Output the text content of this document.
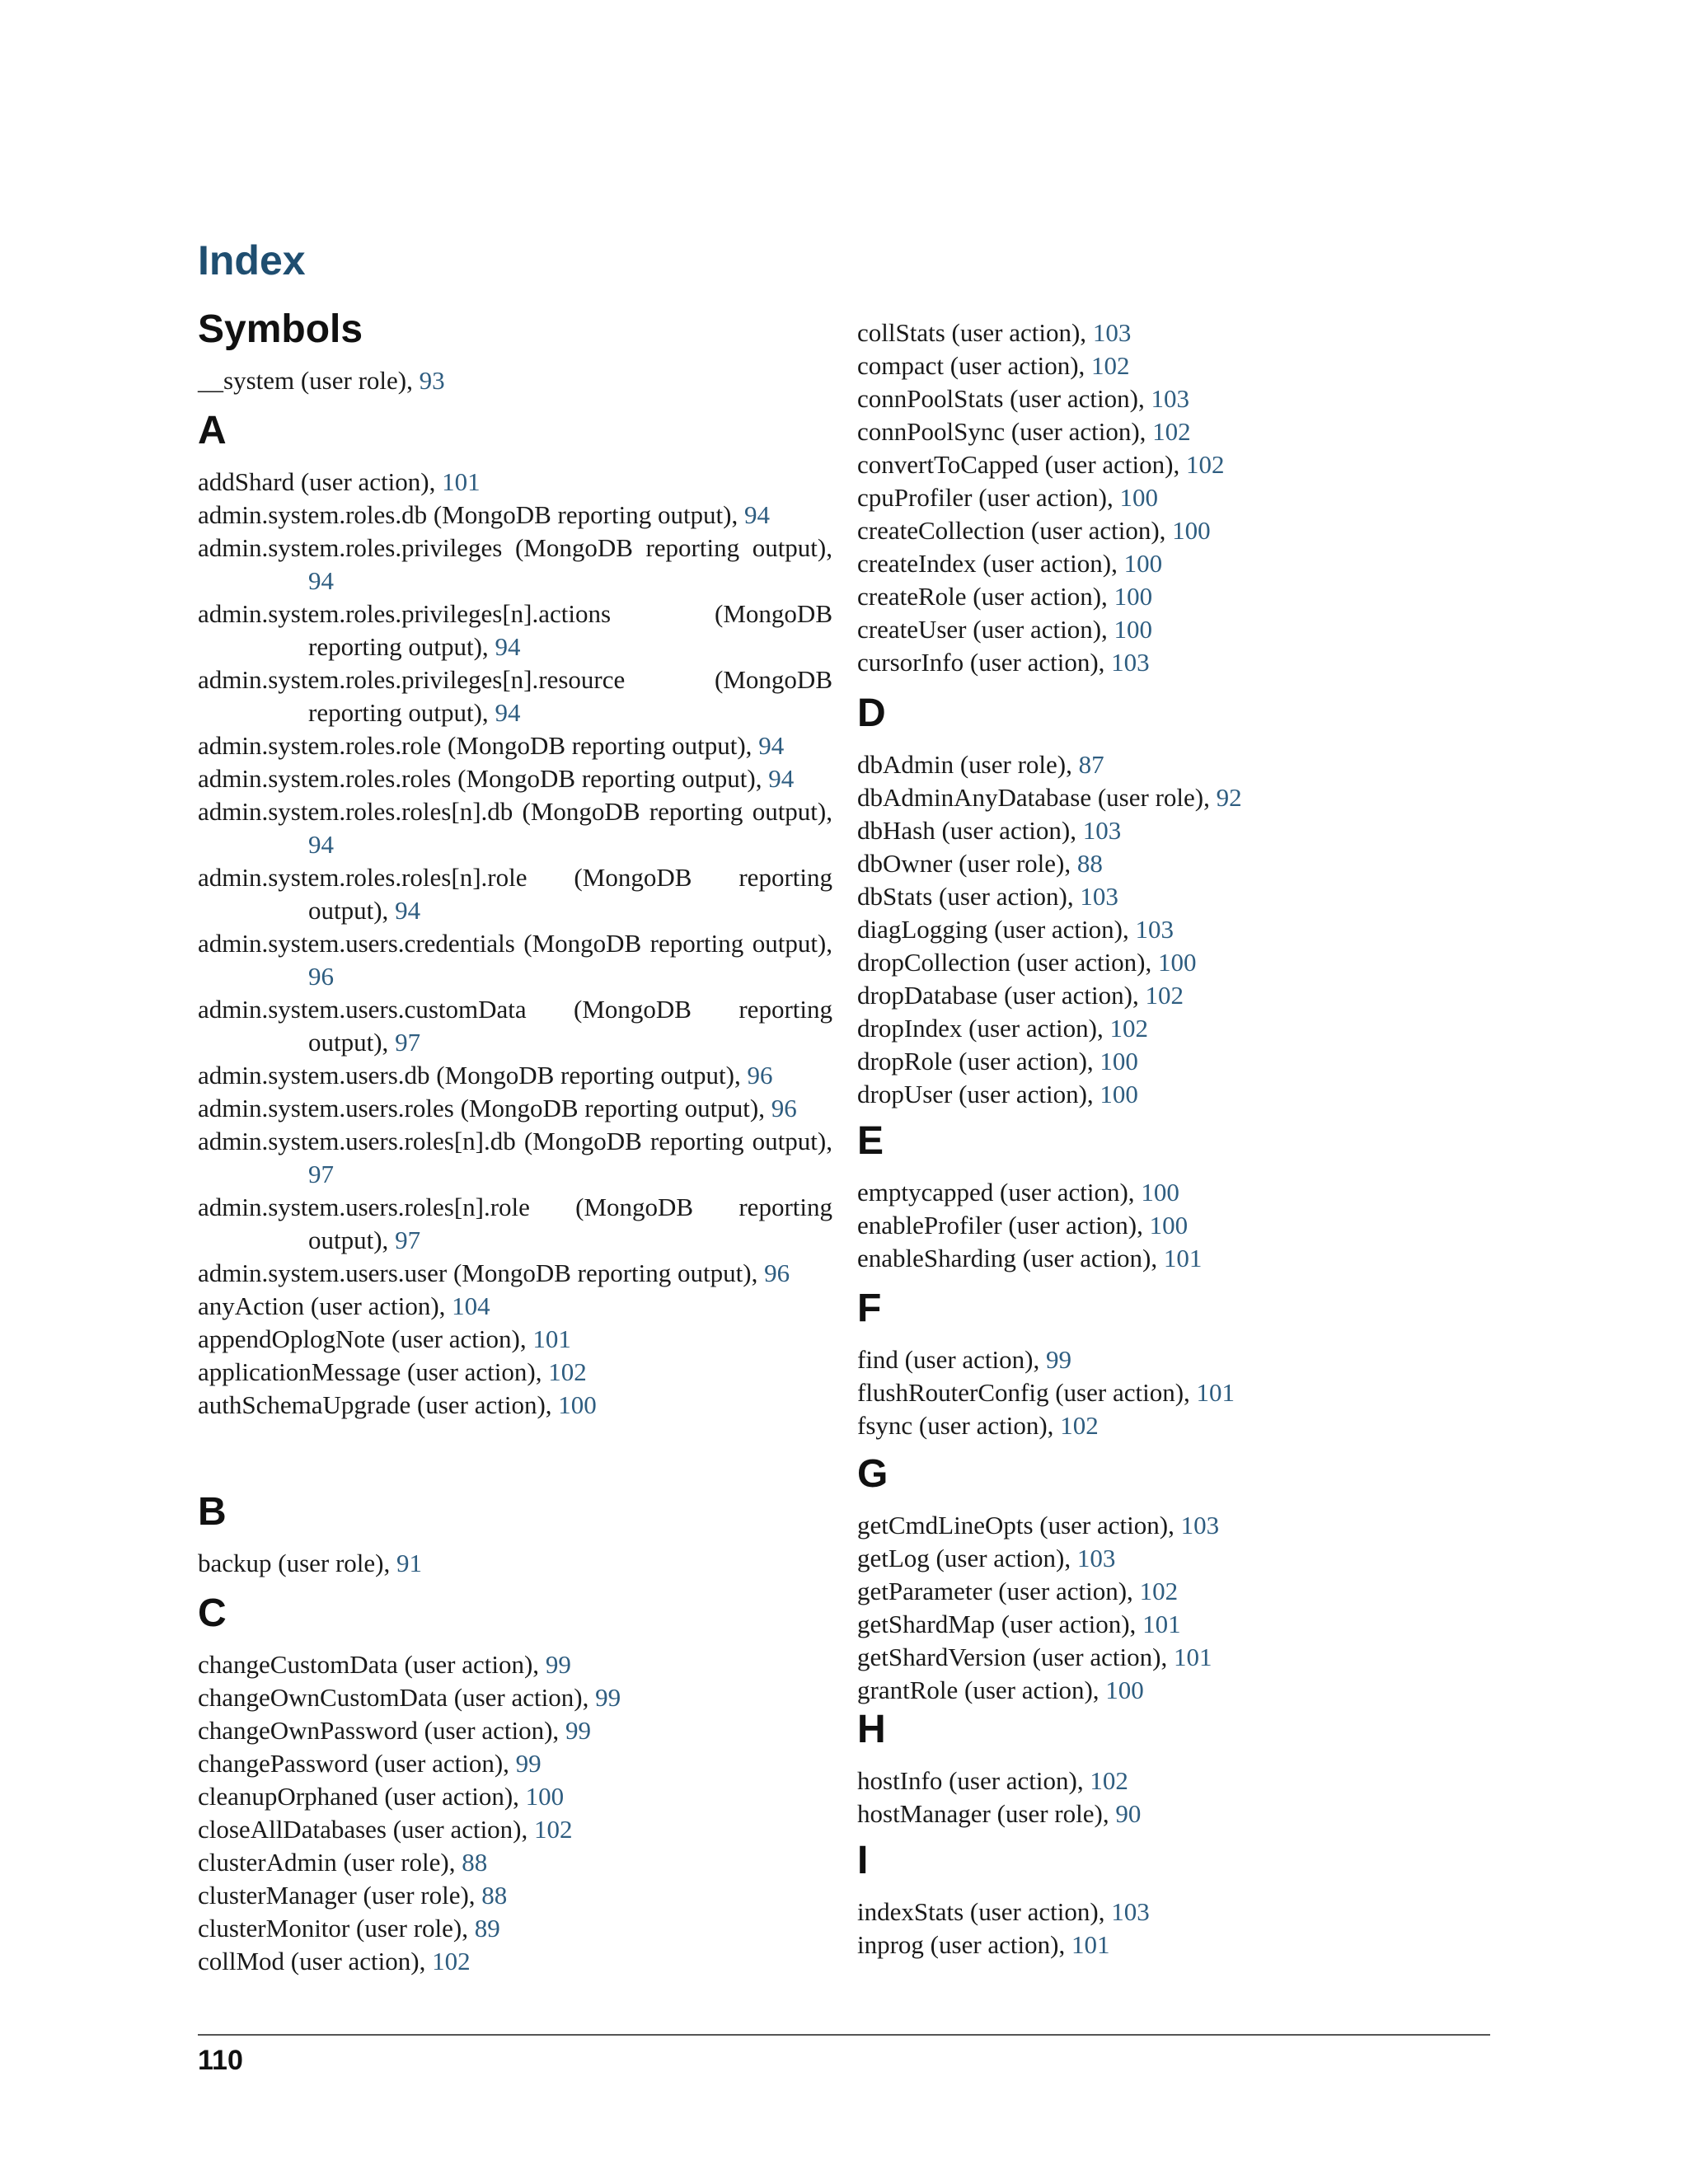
Index
Symbols
__system (user role), 93
A
addShard (user action), 101
admin.system.roles.db (MongoDB reporting output), 94
admin.system.roles.privileges (MongoDB reporting output), 94
admin.system.roles.privileges[n].actions (MongoDB reporting output), 94
admin.system.roles.privileges[n].resource (MongoDB reporting output), 94
admin.system.roles.role (MongoDB reporting output), 94
admin.system.roles.roles (MongoDB reporting output), 94
admin.system.roles.roles[n].db (MongoDB reporting output), 94
admin.system.roles.roles[n].role (MongoDB reporting output), 94
admin.system.users.credentials (MongoDB reporting output), 96
admin.system.users.customData (MongoDB reporting output), 97
admin.system.users.db (MongoDB reporting output), 96
admin.system.users.roles (MongoDB reporting output), 96
admin.system.users.roles[n].db (MongoDB reporting output), 97
admin.system.users.roles[n].role (MongoDB reporting output), 97
admin.system.users.user (MongoDB reporting output), 96
anyAction (user action), 104
appendOplogNote (user action), 101
applicationMessage (user action), 102
authSchemaUpgrade (user action), 100
B
backup (user role), 91
C
changeCustomData (user action), 99
changeOwnCustomData (user action), 99
changeOwnPassword (user action), 99
changePassword (user action), 99
cleanupOrphaned (user action), 100
closeAllDatabases (user action), 102
clusterAdmin (user role), 88
clusterManager (user role), 88
clusterMonitor (user role), 89
collMod (user action), 102
collStats (user action), 103
compact (user action), 102
connPoolStats (user action), 103
connPoolSync (user action), 102
convertToCapped (user action), 102
cpuProfiler (user action), 100
createCollection (user action), 100
createIndex (user action), 100
createRole (user action), 100
createUser (user action), 100
cursorInfo (user action), 103
D
dbAdmin (user role), 87
dbAdminAnyDatabase (user role), 92
dbHash (user action), 103
dbOwner (user role), 88
dbStats (user action), 103
diagLogging (user action), 103
dropCollection (user action), 100
dropDatabase (user action), 102
dropIndex (user action), 102
dropRole (user action), 100
dropUser (user action), 100
E
emptycapped (user action), 100
enableProfiler (user action), 100
enableSharding (user action), 101
F
find (user action), 99
flushRouterConfig (user action), 101
fsync (user action), 102
G
getCmdLineOpts (user action), 103
getLog (user action), 103
getParameter (user action), 102
getShardMap (user action), 101
getShardVersion (user action), 101
grantRole (user action), 100
H
hostInfo (user action), 102
hostManager (user role), 90
I
indexStats (user action), 103
inprog (user action), 101
110
